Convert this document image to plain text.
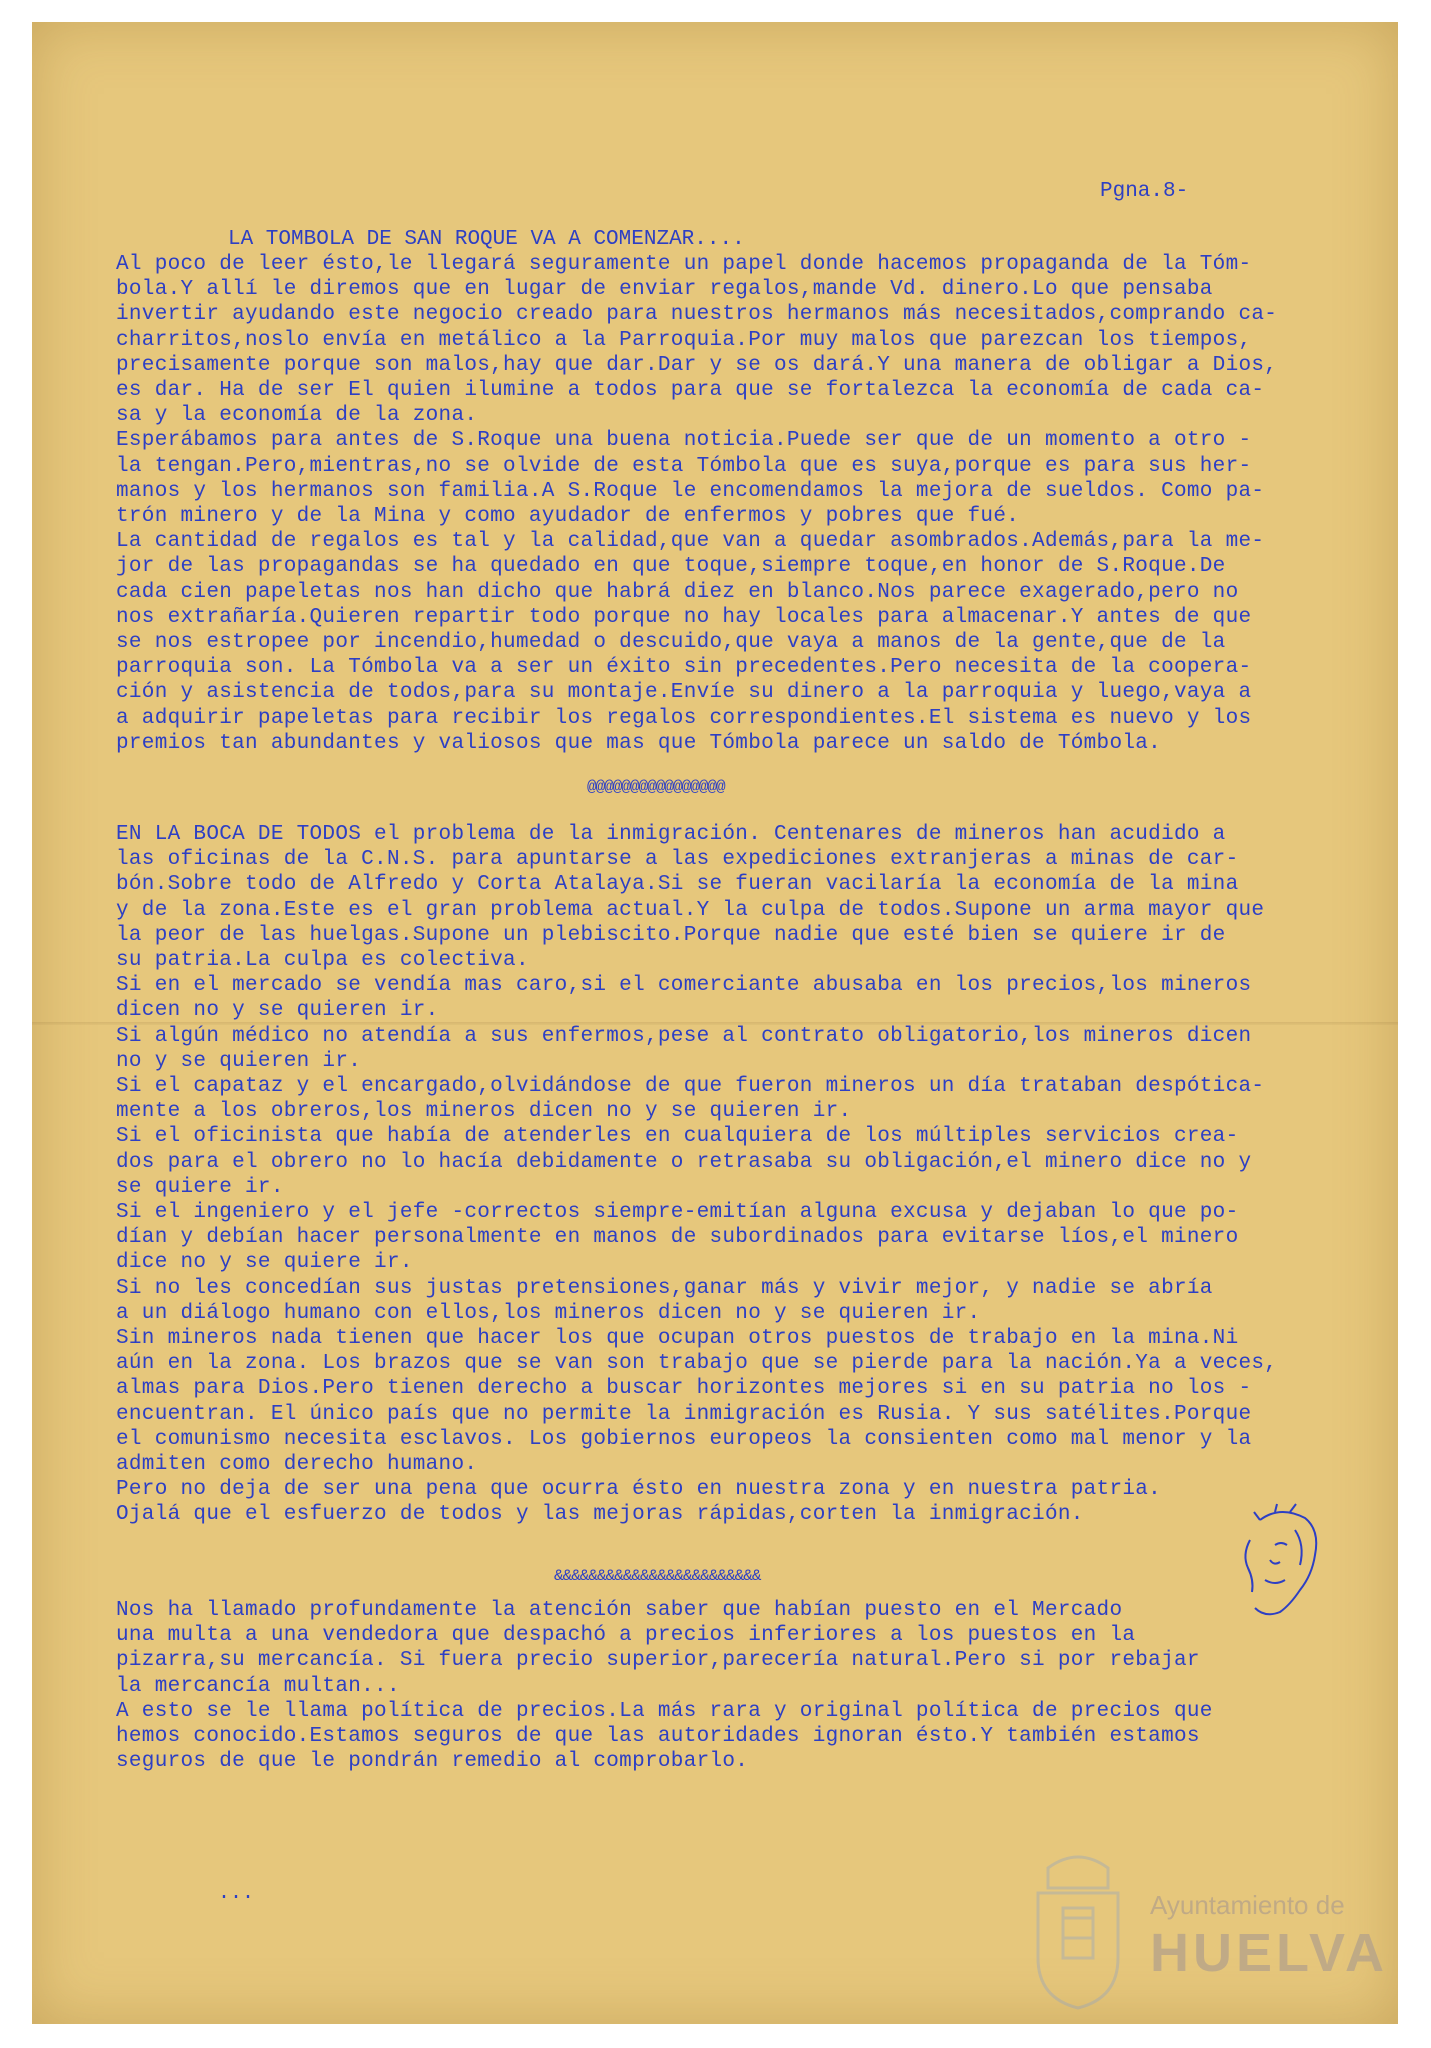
Pgna.8-
LA TOMBOLA DE SAN ROQUE VA A COMENZAR....
Al poco de leer ésto,le llegará seguramente un papel donde hacemos propaganda de la Tóm-
bola.Y allí le diremos que en lugar de enviar regalos,mande Vd. dinero.Lo que pensaba
invertir ayudando este negocio creado para nuestros hermanos más necesitados,comprando ca-
charritos,noslo envía en metálico a la Parroquia.Por muy malos que parezcan los tiempos,
precisamente porque son malos,hay que dar.Dar y se os dará.Y una manera de obligar a Dios,
es dar. Ha de ser El quien ilumine a todos para que se fortalezca la economía de cada ca-
sa y la economía de la zona.
Esperábamos para antes de S.Roque una buena noticia.Puede ser que de un momento a otro -
la tengan.Pero,mientras,no se olvide de esta Tómbola que es suya,porque es para sus her-
manos y los hermanos son familia.A S.Roque le encomendamos la mejora de sueldos. Como pa-
trón minero y de la Mina y como ayudador de enfermos y pobres que fué.
La cantidad de regalos es tal y la calidad,que van a quedar asombrados.Además,para la me-
jor de las propagandas se ha quedado en que toque,siempre toque,en honor de S.Roque.De
cada cien papeletas nos han dicho que habrá diez en blanco.Nos parece exagerado,pero no
nos extrañaría.Quieren repartir todo porque no hay locales para almacenar.Y antes de que
se nos estropee por incendio,humedad o descuido,que vaya a manos de la gente,que de la
parroquia son. La Tómbola va a ser un éxito sin precedentes.Pero necesita de la coopera-
ción y asistencia de todos,para su montaje.Envíe su dinero a la parroquia y luego,vaya a
a adquirir papeletas para recibir los regalos correspondientes.El sistema es nuevo y los
premios tan abundantes y valiosos que mas que Tómbola parece un saldo de Tómbola.
@@@@@@@@@@@@@@@@
EN LA BOCA DE TODOS el problema de la inmigración. Centenares de mineros han acudido a
las oficinas de la C.N.S. para apuntarse a las expediciones extranjeras a minas de car-
bón.Sobre todo de Alfredo y Corta Atalaya.Si se fueran vacilaría la economía de la mina
y de la zona.Este es el gran problema actual.Y la culpa de todos.Supone un arma mayor que
la peor de las huelgas.Supone un plebiscito.Porque nadie que esté bien se quiere ir de
su patria.La culpa es colectiva.
Si en el mercado se vendía mas caro,si el comerciante abusaba en los precios,los mineros
dicen no y se quieren ir.
Si algún médico no atendía a sus enfermos,pese al contrato obligatorio,los mineros dicen
no y se quieren ir.
Si el capataz y el encargado,olvidándose de que fueron mineros un día trataban despótica-
mente a los obreros,los mineros dicen no y se quieren ir.
Si el oficinista que había de atenderles en cualquiera de los múltiples servicios crea-
dos para el obrero no lo hacía debidamente o retrasaba su obligación,el minero dice no y
se quiere ir.
Si el ingeniero y el jefe -correctos siempre-emitían alguna excusa y dejaban lo que po-
dían y debían hacer personalmente en manos de subordinados para evitarse líos,el minero
dice no y se quiere ir.
Si no les concedían sus justas pretensiones,ganar más y vivir mejor, y nadie se abría
a un diálogo humano con ellos,los mineros dicen no y se quieren ir.
Sin mineros nada tienen que hacer los que ocupan otros puestos de trabajo en la mina.Ni
aún en la zona. Los brazos que se van son trabajo que se pierde para la nación.Ya a veces,
almas para Dios.Pero tienen derecho a buscar horizontes mejores si en su patria no los -
encuentran. El único país que no permite la inmigración es Rusia. Y sus satélites.Porque
el comunismo necesita esclavos. Los gobiernos europeos la consienten como mal menor y la
admiten como derecho humano.
Pero no deja de ser una pena que ocurra ésto en nuestra zona y en nuestra patria.
Ojalá que el esfuerzo de todos y las mejoras rápidas,corten la inmigración.
&&&&&&&&&&&&&&&&&&&&&&&&
Nos ha llamado profundamente la atención saber que habían puesto en el Mercado
una multa a una vendedora que despachó a precios inferiores a los puestos en la
pizarra,su mercancía. Si fuera precio superior,parecería natural.Pero si por rebajar
la mercancía multan...
A esto se le llama política de precios.La más rara y original política de precios que
hemos conocido.Estamos seguros de que las autoridades ignoran ésto.Y también estamos
seguros de que le pondrán remedio al comprobarlo.
...	Ayuntamiento de
HUELVA
